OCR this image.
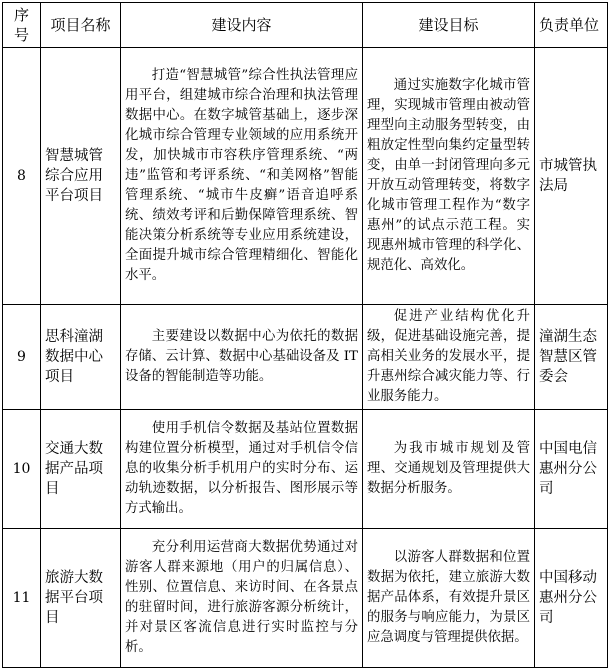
序号	项目名称	建设内容	建设目标	负责单位
8	智慧城管综合应用平台项目	打造“智慧城管”综合性执法管理应用平台，组建城市综合治理和执法管理数据中心。在数字城管基础上，逐步深化城市综合管理专业领域的应用系统开发，加快城市市容秩序管理系统、“两违”监管和考评系统、“和美网格”智能管理系统、“城市牛皮癣”语音追呼系统、绩效考评和后勤保障管理系统、智能决策分析系统等专业应用系统建设，全面提升城市综合管理精细化、智能化水平。	通过实施数字化城市管理，实现城市管理由被动管理型向主动服务型转变，由粗放定性型向集约定量型转变，由单一封闭管理向多元开放互动管理转变，将数字化城市管理工程作为“数字惠州”的试点示范工程。实现惠州城市管理的科学化、规范化、高效化。	市城管执法局
9	思科潼湖数据中心项目	主要建设以数据中心为依托的数据存储、云计算、数据中心基础设备及 IT 设备的智能制造等功能。	促进产业结构优化升级，促进基础设施完善，提高相关业务的发展水平，提升惠州综合减灾能力等、行业服务能力。	潼湖生态智慧区管委会
10	交通大数据产品项目	使用手机信令数据及基站位置数据构建位置分析模型，通过对手机信令信息的收集分析手机用户的实时分布、运动轨迹数据，以分析报告、图形展示等方式输出。	为我市城市规划及管理、交通规划及管理提供大数据分析服务。	中国电信惠州分公司
11	旅游大数据平台项目	充分利用运营商大数据优势通过对游客人群来源地（用户的归属信息）、性别、位置信息、来访时间、在各景点的驻留时间，进行旅游客源分析统计，并对景区客流信息进行实时监控与分析。	以游客人群数据和位置数据为依托，建立旅游大数据产品体系，有效提升景区的服务与响应能力，为景区应急调度与管理提供依据。	中国移动惠州分公司
